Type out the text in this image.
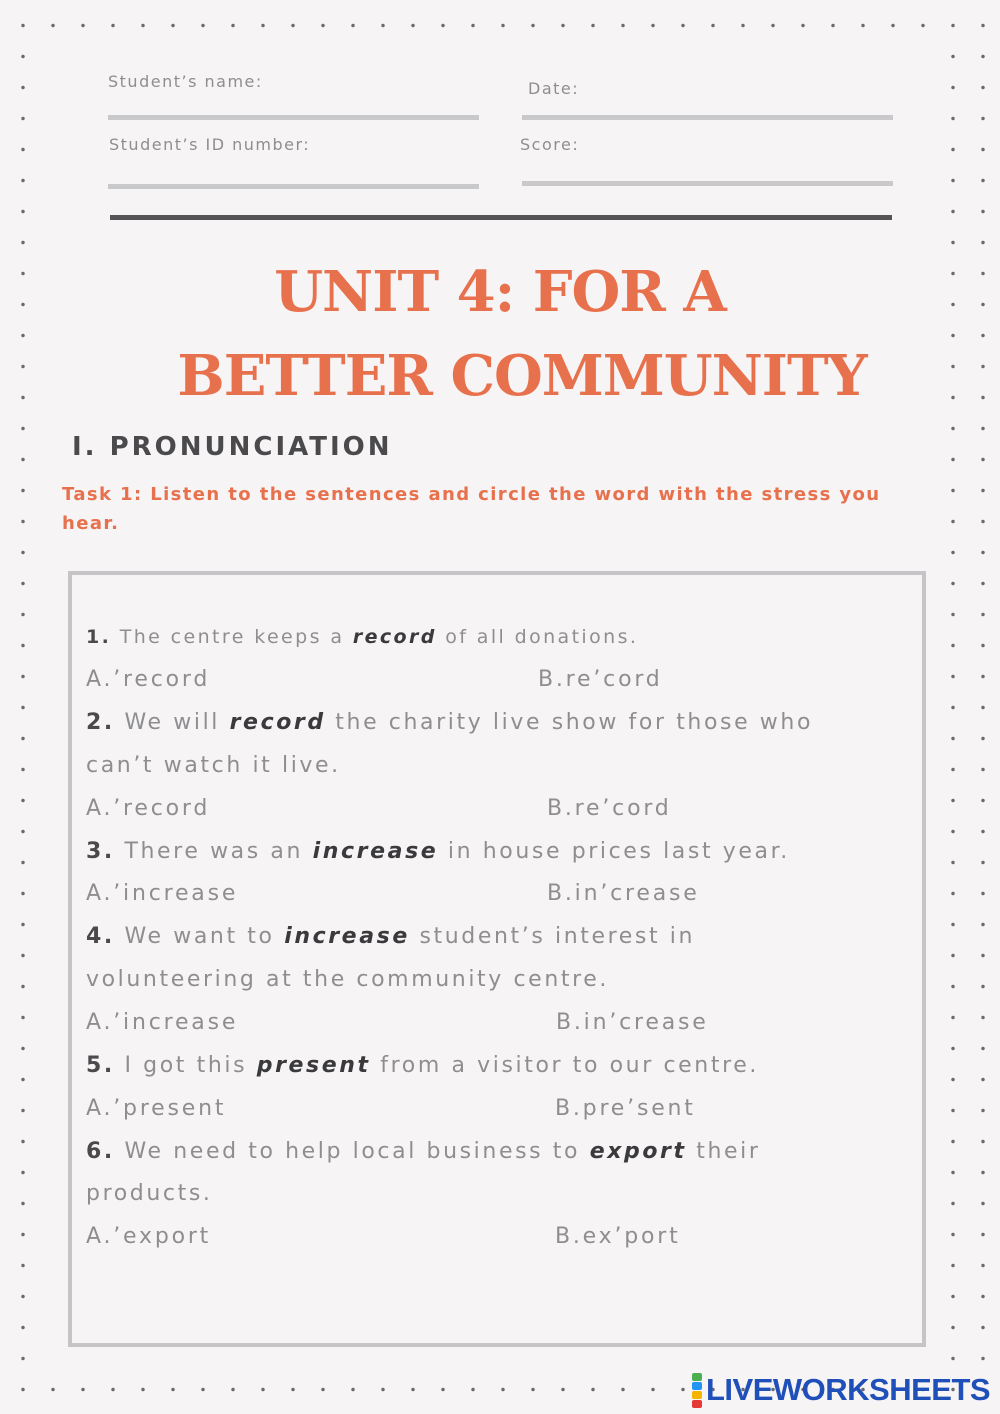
Student’s name:	Date:
Student’s ID number:	Score:
UNIT 4: FOR A
BETTER COMMUNITY
I. PRONUNCIATION
Task 1: Listen to the sentences and circle the word with the stress you hear.
1. The centre keeps a record of all donations.
A.’record	B.re’cord
2. We will record the charity live show for those who
can’t watch it live.
A.’record	B.re’cord
3. There was an increase in house prices last year.
A.’increase	B.in’crease
4. We want to increase student’s interest in
volunteering at the community centre.
A.’increase	B.in’crease
5. I got this present from a visitor to our centre.
A.’present	B.pre’sent
6. We need to help local business to export their
products.
A.’export	B.ex’port
LIVEWORKSHEETS
